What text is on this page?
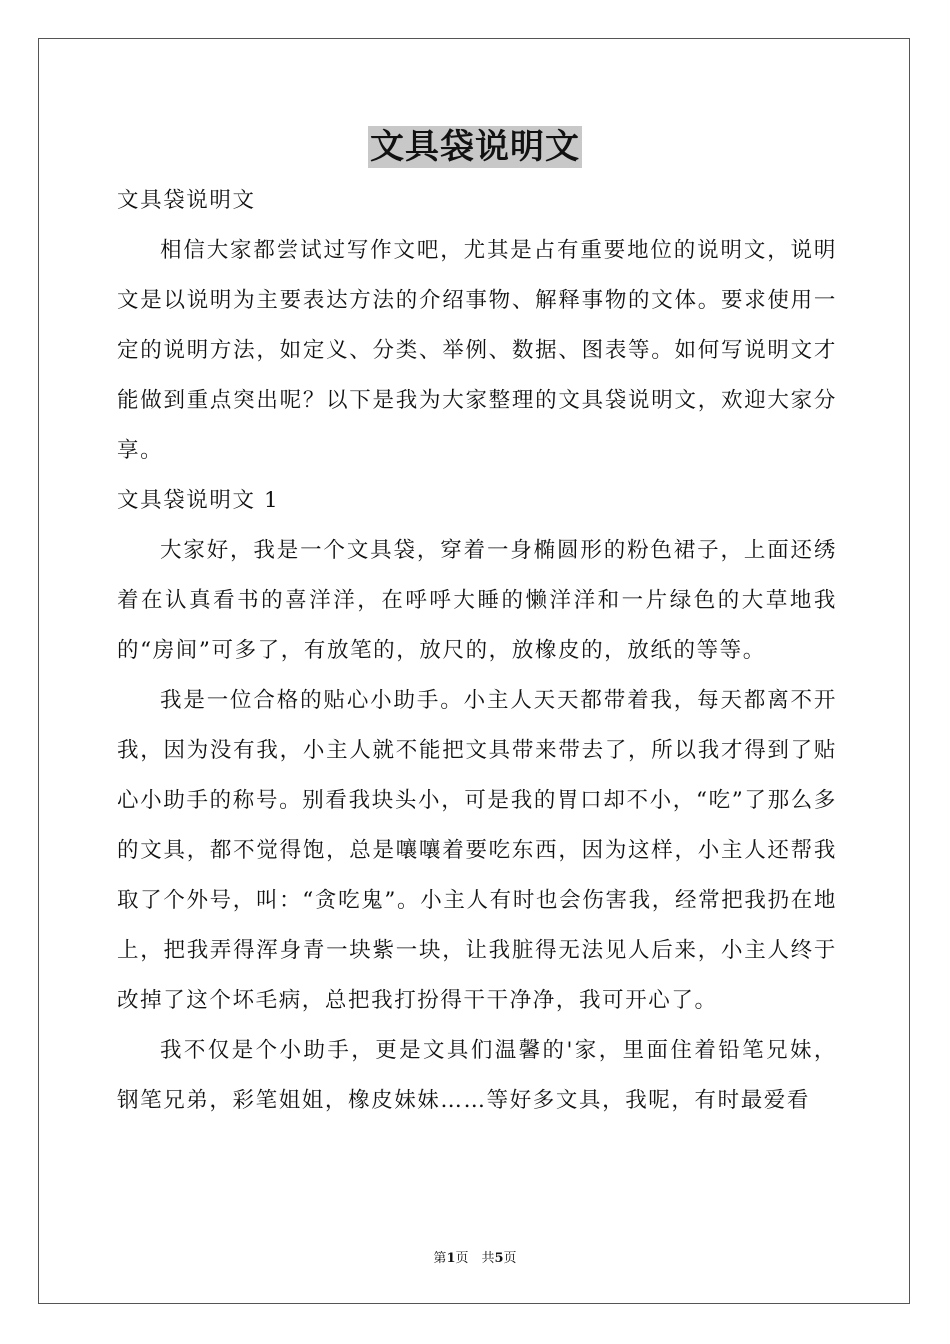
文具袋说明文

文具袋说明文

相信大家都尝试过写作文吧，尤其是占有重要地位的说明文，说明文是以说明为主要表达方法的介绍事物、解释事物的文体。要求使用一定的说明方法，如定义、分类、举例、数据、图表等。如何写说明文才能做到重点突出呢？以下是我为大家整理的文具袋说明文，欢迎大家分享。

文具袋说明文 1

大家好，我是一个文具袋，穿着一身椭圆形的粉色裙子，上面还绣着在认真看书的喜洋洋，在呼呼大睡的懒洋洋和一片绿色的大草地我的“房间”可多了，有放笔的，放尺的，放橡皮的，放纸的等等。

我是一位合格的贴心小助手。小主人天天都带着我，每天都离不开我，因为没有我，小主人就不能把文具带来带去了，所以我才得到了贴心小助手的称号。别看我块头小，可是我的胃口却不小，“吃”了那么多的文具，都不觉得饱，总是嚷嚷着要吃东西，因为这样，小主人还帮我取了个外号，叫：“贪吃鬼”。小主人有时也会伤害我，经常把我扔在地上，把我弄得浑身青一块紫一块，让我脏得无法见人后来，小主人终于改掉了这个坏毛病，总把我打扮得干干净净，我可开心了。

我不仅是个小助手，更是文具们温馨的'家，里面住着铅笔兄妹，钢笔兄弟，彩笔姐姐，橡皮妹妹……等好多文具，我呢，有时最爱看

第1页　共5页
